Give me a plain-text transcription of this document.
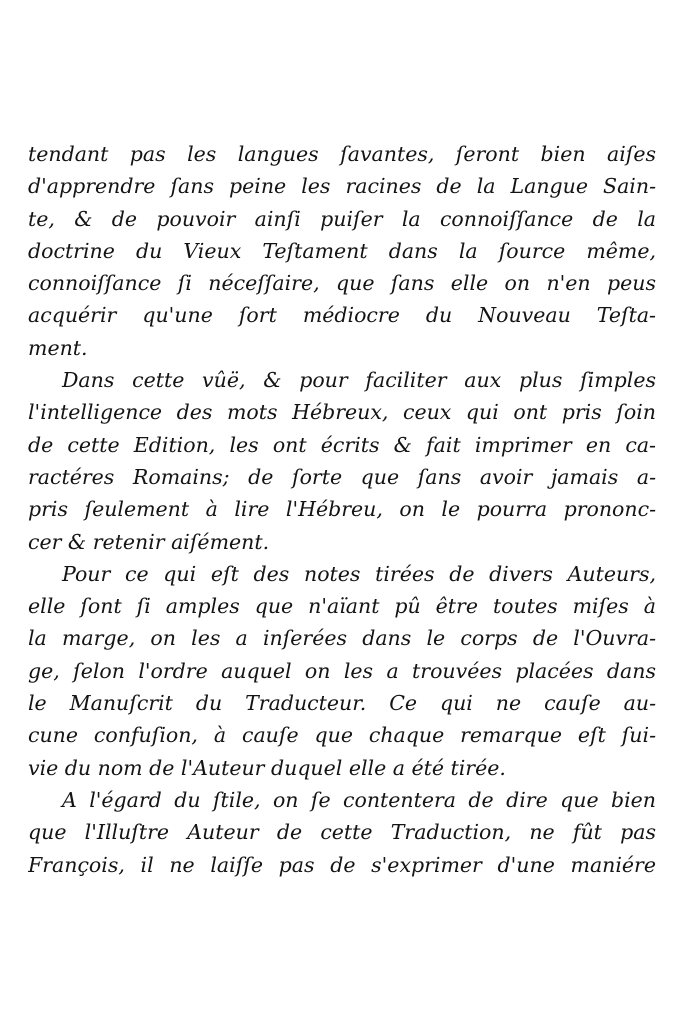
tendant pas les langues ſavantes, ſeront bien aiſes
d'apprendre ſans peine les racines de la Langue Sain-
te, & de pouvoir ainſi puiſer la connoiſſance de la
doctrine du Vieux Teſtament dans la ſource même,
connoiſſance ſi néceſſaire, que ſans elle on n'en peus
acquérir qu'une ſort médiocre du Nouveau Teſta-
ment.
Dans cette vûë, & pour faciliter aux plus ſimples
l'intelligence des mots Hébreux, ceux qui ont pris ſoin
de cette Edition, les ont écrits & fait imprimer en ca-
ractéres Romains; de ſorte que ſans avoir jamais a-
pris ſeulement à lire l'Hébreu, on le pourra prononc-
cer & retenir aiſément.
Pour ce qui eſt des notes tirées de divers Auteurs,
elle ſont ſi amples que n'aïant pû être toutes miſes à
la marge, on les a inſerées dans le corps de l'Ouvra-
ge, ſelon l'ordre auquel on les a trouvées placées dans
le Manuſcrit du Traducteur. Ce qui ne cauſe au-
cune confuſion, à cauſe que chaque remarque eſt ſui-
vie du nom de l'Auteur duquel elle a été tirée.
A l'égard du ſtile, on ſe contentera de dire que bien
que l'Illuſtre Auteur de cette Traduction, ne fût pas
François, il ne laiſſe pas de s'exprimer d'une maniére
